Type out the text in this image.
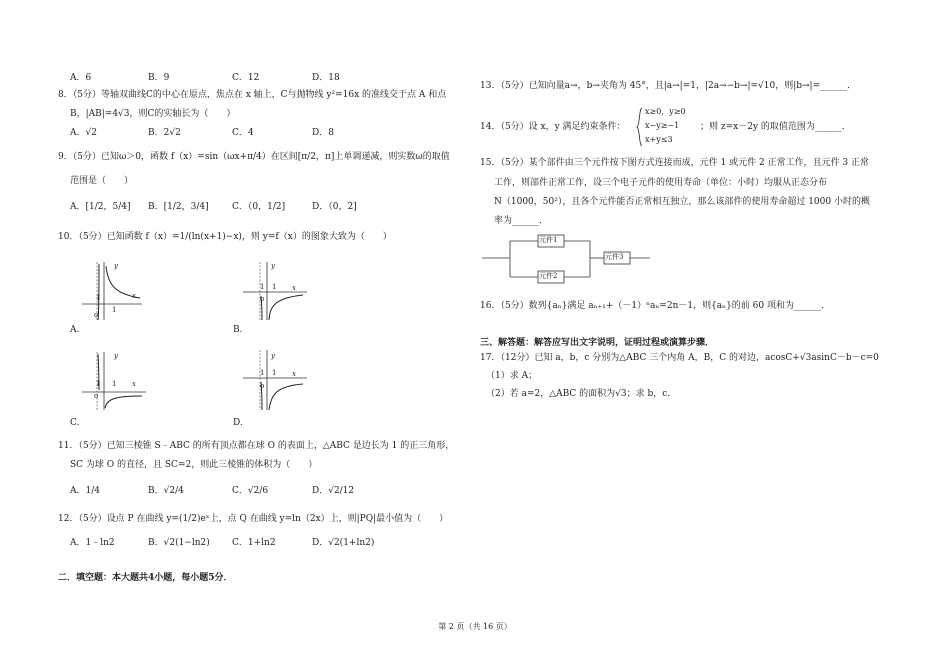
A．6	B．9	C．12	D．18
8．（5分）等轴双曲线C的中心在原点，焦点在 x 轴上，C与抛物线 y²=16x 的准线交于点 A 和点
B，|AB|=4√3，则C的实轴长为（　　）
A．√2	B．2√2	C．4	D．8
9．（5分）已知ω＞0，函数 f（x）=sin（ωx+π/4）在区间[π/2，π]上单调递减，则实数ω的取值
范围是（　　）
A．[1/2，5/4] B．[1/2，3/4]	C．（0，1/2]	D．（0，2]
10．（5分）已知函数 f（x）=1/(ln(x+1)−x)，则 y=f（x）的图象大致为（　　）
y
x
o
1
1
A.
y
x
1 1
o
B.
y
x
o
1
1
C.
y
x
1 1
o
D.
11．（5分）已知三棱锥 S﹣ABC 的所有顶点都在球 O 的表面上，△ABC 是边长为 1 的正三角形，
SC 为球 O 的直径，且 SC=2，则此三棱锥的体积为（　　）
A．1/4	B．√2/4	C．√2/6	D．√2/12
12．（5分）设点 P 在曲线 y=(1/2)eˣ上，点 Q 在曲线 y=ln（2x）上，则|PQ|最小值为（　　）
A．1﹣ln2	B．√2(1−ln2) C．1+ln2	D．√2(1+ln2)
二．填空题：本大题共4小题，每小题5分．
13．（5分）已知向量a→，b→夹角为 45°，且|a→|=1，|2a→−b→|=√10，则|b→|=______．
14．（5分）设 x，y 满足约束条件：
x≥0，y≥0
x−y≥−1
x+y≤3
；则 z=x－2y 的取值范围为______．
15．（5分）某个部件由三个元件按下图方式连接而成，元件 1 或元件 2 正常工作，且元件 3 正常
工作，则部件正常工作，设三个电子元件的使用寿命（单位：小时）均服从正态分布
N（1000，50²），且各个元件能否正常相互独立，那么该部件的使用寿命超过 1000 小时的概
率为______．
元件1
元件2
元件3
16．（5分）数列{aₙ}满足 aₙ₊₁+（－1）ⁿaₙ=2n－1，则{aₙ}的前 60 项和为______．
三、解答题：解答应写出文字说明，证明过程或演算步骤．
17．（12分）已知 a，b，c 分别为△ABC 三个内角 A，B，C 的对边，acosC+√3asinC－b－c=0
（1）求 A；
（2）若 a=2，△ABC 的面积为√3；求 b，c．
第 2 页（共 16 页）
